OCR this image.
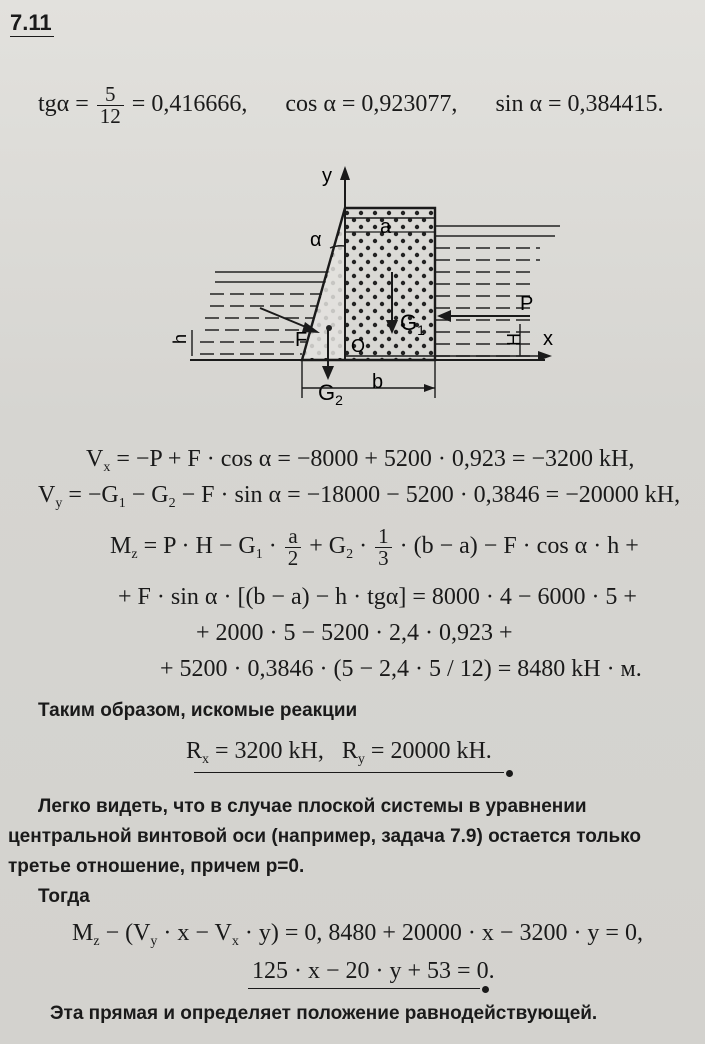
7.11
$tg\alpha = \frac{5}{12} = 0,416666$, cos α = 0,923077, sin α = 0,384415.
y
x
α
a
$G_1$
$G_2$
F
P
O
h	H
b
$V_x = -P + F \cdot \cos \alpha = -8000 + 5200 \cdot 0,923 = -3200$ kH,
$V_y = -G_1 - G_2 - F \cdot \sin \alpha = -18000 - 5200 \cdot 0,3846 = -20000$ kH,
$M_z = P \cdot H - G_1 \cdot \frac{a}{2} + G_2 \cdot \frac{1}{3} \cdot (b - a) - F \cdot \cos \alpha \cdot h$ +
+ F · sin α · [(b − a) − h · tgα] = 8000 · 4 − 6000 · 5 +
+ 2000 · 5 − 5200 · 2,4 · 0,923 +
+ 5200 · 0,3846 · (5 − 2,4 · 5 / 12) = 8480 kH · м.
Таким образом, искомые реакции
$R_x = 3200$ kH, $R_y = 20000$ kH.
Легко видеть, что в случае плоской системы в уравнении
центральной винтовой оси (например, задача 7.9) остается только
третье отношение, причем p=0.
Тогда
$M_z - (V_y \cdot x - V_x \cdot y) = 0$, 8480 + 20000 · x − 3200 · y = 0,
125 · x − 20 · y + 53 = 0.
Эта прямая и определяет положение равнодействующей.
